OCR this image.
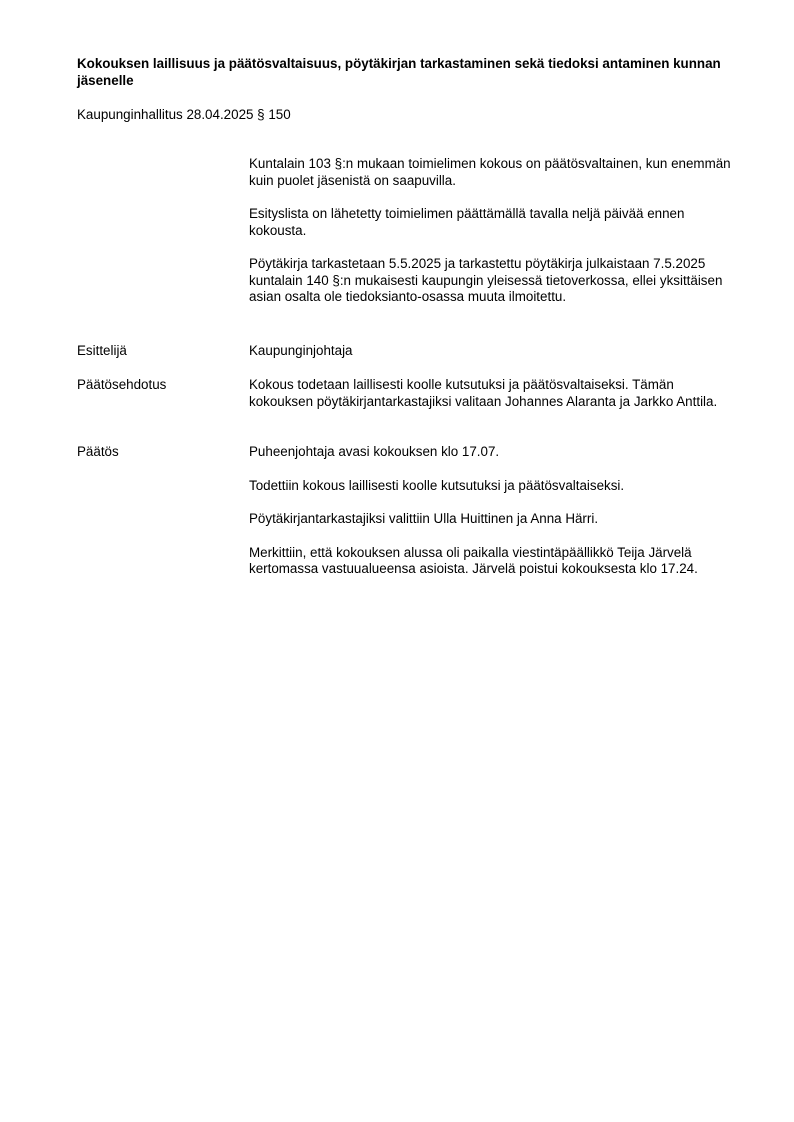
Kokouksen laillisuus ja päätösvaltaisuus, pöytäkirjan tarkastaminen sekä tiedoksi antaminen kunnan jäsenelle

Kaupunginhallitus 28.04.2025 § 150

Kuntalain 103 §:n mukaan toimielimen kokous on päätösvaltainen, kun enemmän kuin puolet jäsenistä on saapuvilla.

Esityslista on lähetetty toimielimen päättämällä tavalla neljä päivää ennen kokousta.

Pöytäkirja tarkastetaan 5.5.2025 ja tarkastettu pöytäkirja julkaistaan 7.5.2025 kuntalain 140 §:n mukaisesti kaupungin yleisessä tietoverkossa, ellei yksittäisen asian osalta ole tiedoksianto-osassa muuta ilmoitettu.

Esittelijä	Kaupunginjohtaja
Päätösehdotus	Kokous todetaan laillisesti koolle kutsutuksi ja päätösvaltaiseksi. Tämän kokouksen pöytäkirjantarkastajiksi valitaan Johannes Alaranta ja Jarkko Anttila.
Päätös	Puheenjohtaja avasi kokouksen klo 17.07.

Todettiin kokous laillisesti koolle kutsutuksi ja päätösvaltaiseksi.

Pöytäkirjantarkastajiksi valittiin Ulla Huittinen ja Anna Härri.

Merkittiin, että kokouksen alussa oli paikalla viestintäpäällikkö Teija Järvelä kertomassa vastuualueensa asioista. Järvelä poistui kokouksesta klo 17.24.
